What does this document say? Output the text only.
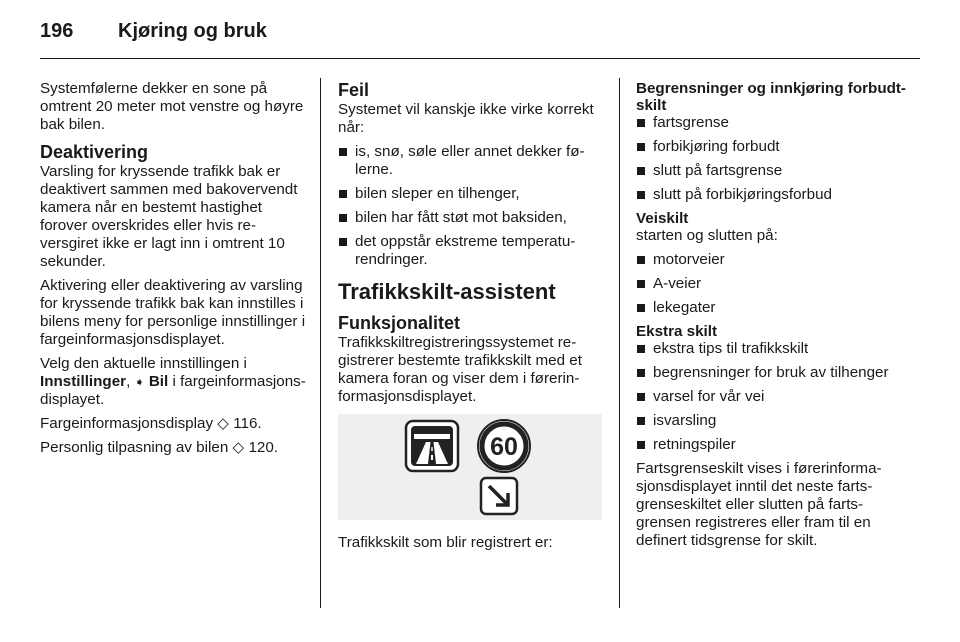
196 Kjøring og bruk

Systemfølerne dekker en sone på omtrent 20 meter mot venstre og høyre bak bilen.

Deaktivering

Varsling for kryssende trafikk bak er deaktivert sammen med bakovervendt kamera når en bestemt hastighet forover overskrides eller hvis reversgiret ikke er lagt inn i omtrent 10 sekunder.

Aktivering eller deaktivering av varsling for kryssende trafikk bak kan innstilles i bilens meny for personlige innstillinger i fargeinformasjonsdisplayet.

Velg den aktuelle innstillingen i
Innstillinger, ➧ Bil i fargeinformasjonsdisplayet.

Fargeinformasjonsdisplay ◇ 116.

Personlig tilpasning av bilen ◇ 120.

Feil

Systemet vil kanskje ikke virke korrekt når:

is, snø, søle eller annet dekker følerne.
bilen sleper en tilhenger,
bilen har fått støt mot baksiden,
det oppstår ekstreme temperaturendringer.
Trafikkskilt-assistent
Funksjonalitet

Trafikkskiltregistreringssystemet registrerer bestemte trafikkskilt med et kamera foran og viser dem i førerinformasjonsdisplayet.

60

Trafikkskilt som blir registrert er:

Begrensninger og innkjøring forbudt-skilt
fartsgrense
forbikjøring forbudt
slutt på fartsgrense
slutt på forbikjøringsforbud
Veiskilt

starten og slutten på:

motorveier
A-veier
lekegater
Ekstra skilt
ekstra tips til trafikkskilt
begrensninger for bruk av tilhenger
varsel for vår vei
isvarsling
retningspiler

Fartsgrenseskilt vises i førerinformasjonsdisplayet inntil det neste fartsgrenseskiltet eller slutten på fartsgrensen registreres eller fram til en definert tidsgrense for skilt.
